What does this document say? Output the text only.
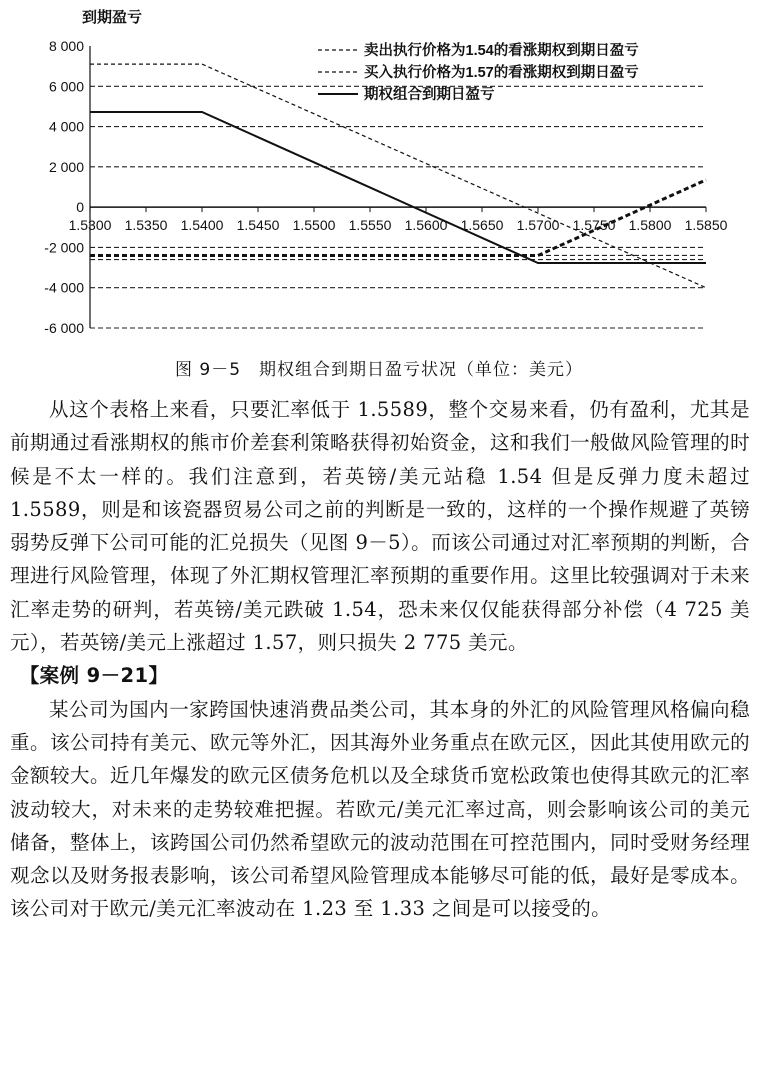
到期盈亏
8 000
6 000
4 000
2 000
0
-2 000
-4 000
-6 000
1.5300 1.5350 1.5400 1.5450 1.5500 1.5550 1.5600 1.5650 1.5700 1.5750 1.5800 1.5850
卖出执行价格为1.54的看涨期权到期日盈亏
买入执行价格为1.57的看涨期权到期日盈亏
期权组合到期日盈亏
图 9－5　期权组合到期日盈亏状况（单位：美元）

从这个表格上来看，只要汇率低于 1.5589，整个交易来看，仍有盈利，尤其是前期通过看涨期权的熊市价差套利策略获得初始资金，这和我们一般做风险管理的时候是不太一样的。我们注意到，若英镑/美元站稳 1.54 但是反弹力度未超过 1.5589，则是和该瓷器贸易公司之前的判断是一致的，这样的一个操作规避了英镑弱势反弹下公司可能的汇兑损失（见图 9－5）。而该公司通过对汇率预期的判断，合理进行风险管理，体现了外汇期权管理汇率预期的重要作用。这里比较强调对于未来汇率走势的研判，若英镑/美元跌破 1.54，恐未来仅仅能获得部分补偿（4 725 美元），若英镑/美元上涨超过 1.57，则只损失 2 775 美元。

【案例 9－21】

某公司为国内一家跨国快速消费品类公司，其本身的外汇的风险管理风格偏向稳重。该公司持有美元、欧元等外汇，因其海外业务重点在欧元区，因此其使用欧元的金额较大。近几年爆发的欧元区债务危机以及全球货币宽松政策也使得其欧元的汇率波动较大，对未来的走势较难把握。若欧元/美元汇率过高，则会影响该公司的美元储备，整体上，该跨国公司仍然希望欧元的波动范围在可控范围内，同时受财务经理观念以及财务报表影响，该公司希望风险管理成本能够尽可能的低，最好是零成本。该公司对于欧元/美元汇率波动在 1.23 至 1.33 之间是可以接受的。
